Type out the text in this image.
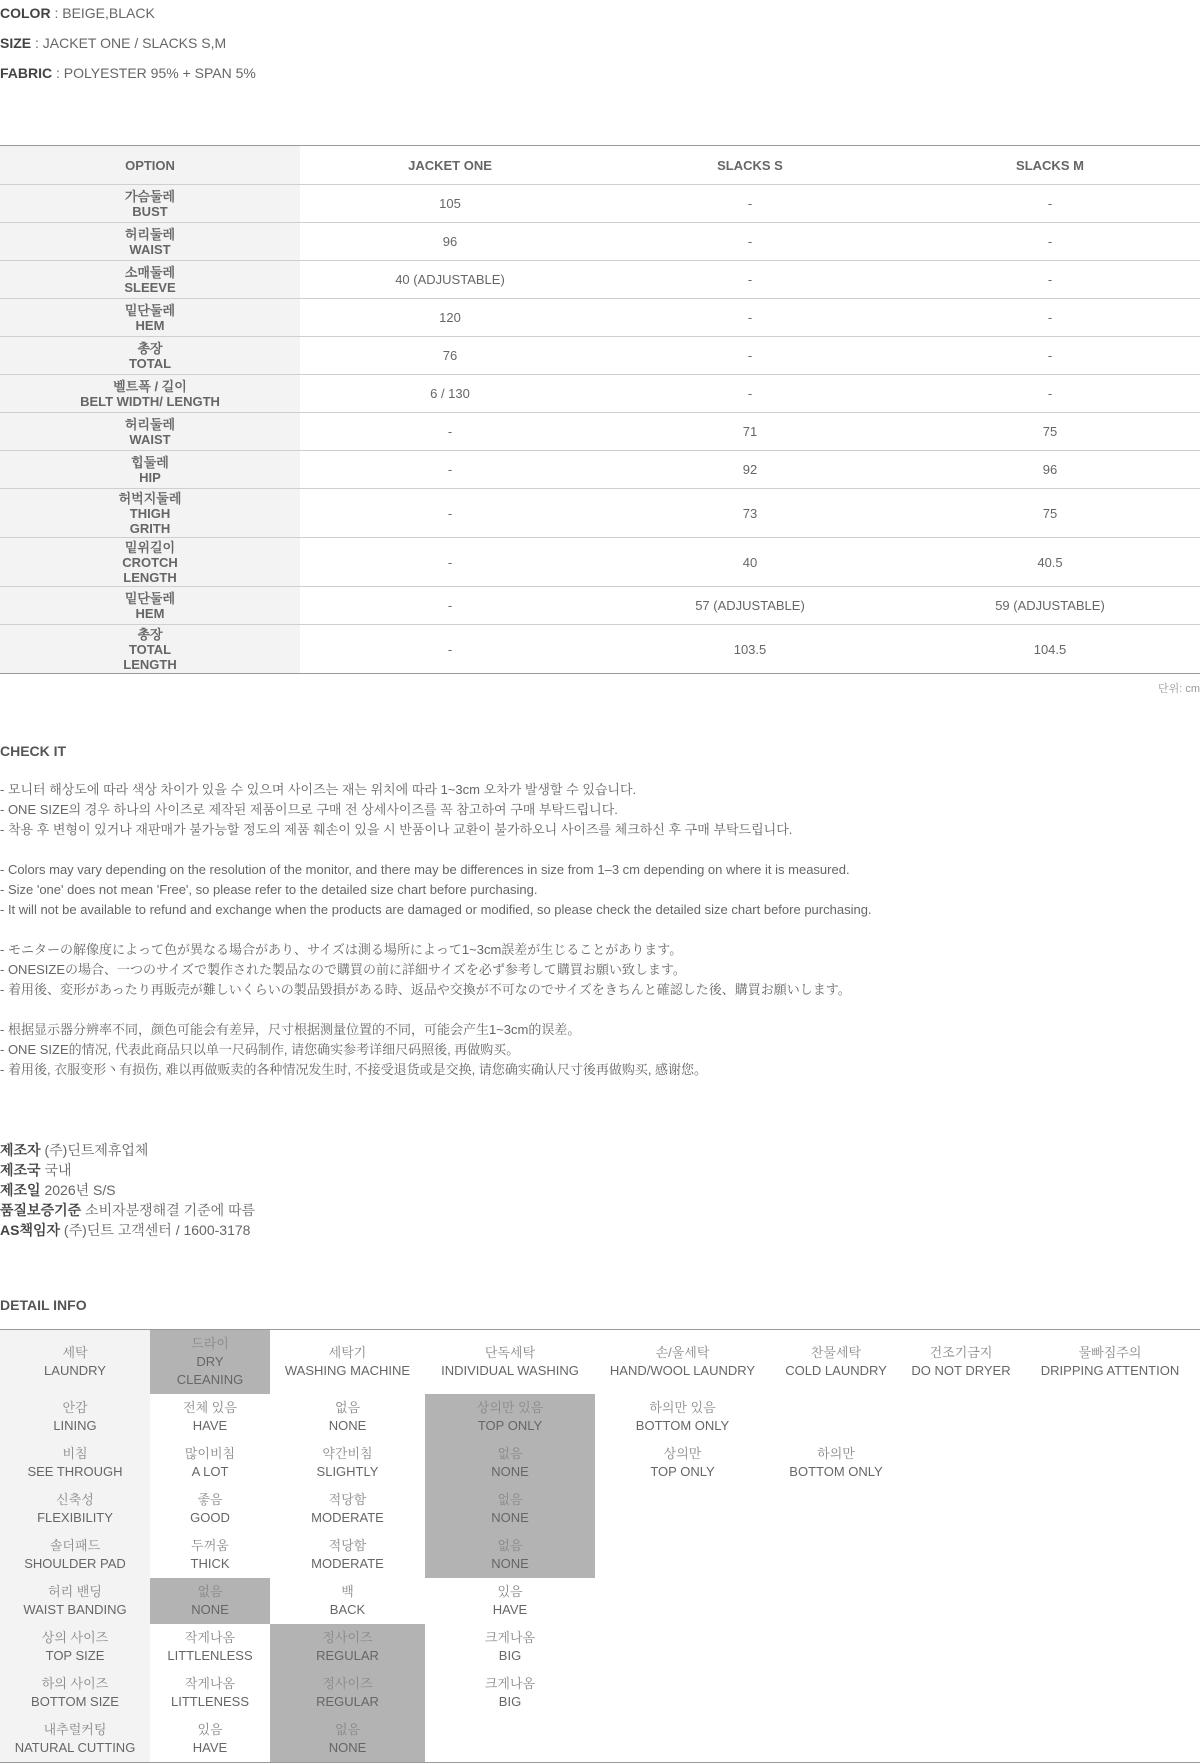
COLOR : BEIGE,BLACK
SIZE : JACKET ONE / SLACKS S,M
FABRIC : POLYESTER 95% + SPAN 5%
OPTION	JACKET ONE	SLACKS S	SLACKS M

가슴둘레
BUST	105	-	-

허리둘레
WAIST	96	-	-

소매둘레
SLEEVE	40 (ADJUSTABLE)	-	-

밑단둘레
HEM	120	-	-

총장
TOTAL	76	-	-

벨트폭 / 길이
BELT WIDTH/ LENGTH	6 / 130	-	-

허리둘레
WAIST	-	71	75

힙둘레
HIP	-	92	96

허벅지둘레
THIGH
GRITH	-	73	75

밑위길이
CROTCH
LENGTH	-	40	40.5

밑단둘레
HEM	-	57 (ADJUSTABLE)	59 (ADJUSTABLE)

총장
TOTAL
LENGTH	-	103.5	104.5
단위: cm
CHECK IT
- 모니터 해상도에 따라 색상 차이가 있을 수 있으며 사이즈는 재는 위치에 따라 1~3cm 오차가 발생할 수 있습니다.
- ONE SIZE의 경우 하나의 사이즈로 제작된 제품이므로 구매 전 상세사이즈를 꼭 참고하여 구매 부탁드립니다.
- 착용 후 변형이 있거나 재판매가 불가능할 정도의 제품 훼손이 있을 시 반품이나 교환이 불가하오니 사이즈를 체크하신 후 구매 부탁드립니다.
- Colors may vary depending on the resolution of the monitor, and there may be differences in size from 1–3 cm depending on where it is measured.
- Size 'one' does not mean 'Free', so please refer to the detailed size chart before purchasing.
- It will not be available to refund and exchange when the products are damaged or modified, so please check the detailed size chart before purchasing.
- モニターの解像度によって色が異なる場合があり、サイズは測る場所によって1~3cm誤差が生じることがあります。
- ONESIZEの場合、一つのサイズで製作された製品なので購買の前に詳細サイズを必ず参考して購買お願い致します。
- 着用後、変形があったり再販売が難しいくらいの製品毀損がある時、返品や交換が不可なのでサイズをきちんと確認した後、購買お願いします。
- 根据显示器分辨率不同，颜色可能会有差异，尺寸根据测量位置的不同，可能会产生1~3cm的误差。
- ONE SIZE的情况, 代表此商品只以单一尺码制作, 请您确实参考详细尺码照後, 再做购买。
- 着用後, 衣服变形丶有损伤, 难以再做贩卖的各种情况发生时, 不接受退货或是交换, 请您确实确认尺寸後再做购买, 感谢您。
제조자 (주)딘트제휴업체
제조국 국내
제조일 2026년 S/S
품질보증기준 소비자분쟁해결 기준에 따름
AS책임자 (주)딘트 고객센터 / 1600-3178
DETAIL INFO
세탁
LAUNDRY	드라이
DRY
CLEANING	세탁기
WASHING MACHINE	단독세탁
INDIVIDUAL WASHING	손/울세탁
HAND/WOOL LAUNDRY	찬물세탁
COLD LAUNDRY	건조기금지
DO NOT DRYER	물빠짐주의
DRIPPING ATTENTION

안감
LINING	전체 있음
HAVE	없음
NONE	상의만 있음
TOP ONLY	하의만 있음
BOTTOM ONLY			

비침
SEE THROUGH	많이비침
A LOT	약간비침
SLIGHTLY	없음
NONE	상의만
TOP ONLY	하의만
BOTTOM ONLY		

신축성
FLEXIBILITY	좋음
GOOD	적당함
MODERATE	없음
NONE				

솔더패드
SHOULDER PAD	두꺼움
THICK	적당함
MODERATE	없음
NONE				

허리 밴딩
WAIST BANDING	없음
NONE	백
BACK	있음
HAVE				

상의 사이즈
TOP SIZE	작게나옴
LITTLENLESS	정사이즈
REGULAR	크게나옴
BIG				

하의 사이즈
BOTTOM SIZE	작게나옴
LITTLENESS	정사이즈
REGULAR	크게나옴
BIG				

내추럴커팅
NATURAL CUTTING	있음
HAVE	없음
NONE					
